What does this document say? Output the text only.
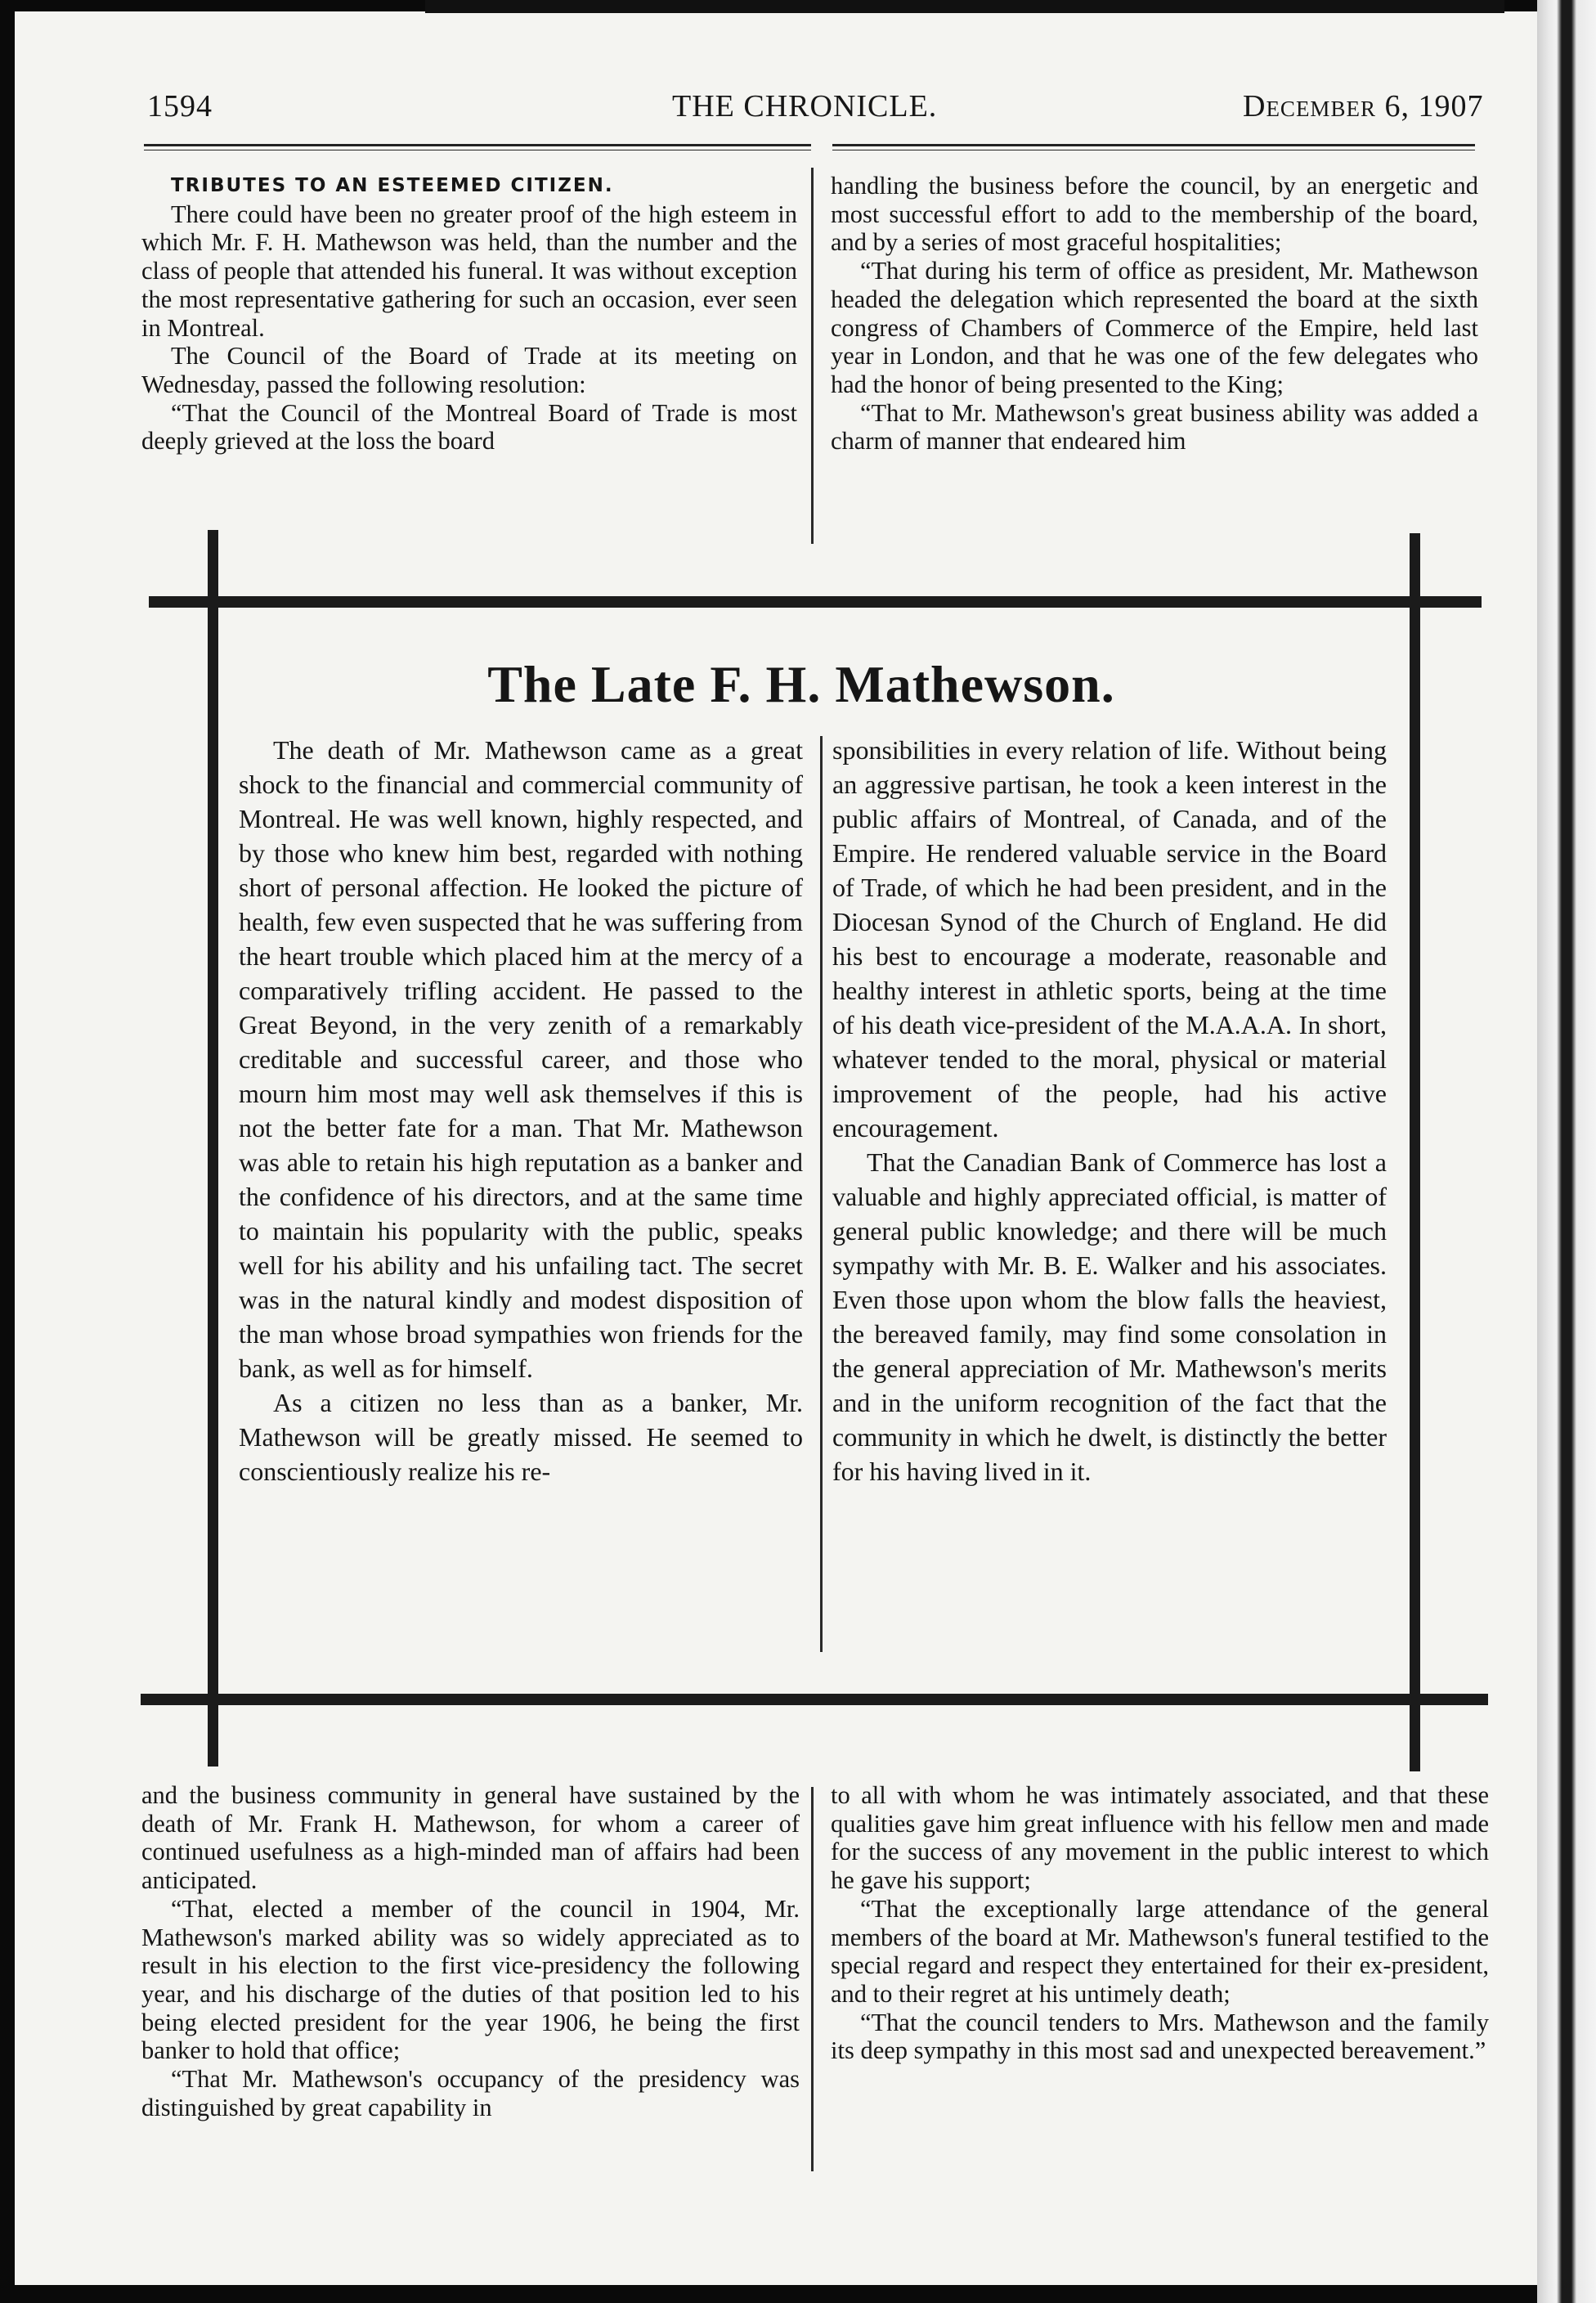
1594	THE CHRONICLE.	December 6, 1907

TRIBUTES TO AN ESTEEMED CITIZEN.

There could have been no greater proof of the high esteem in which Mr. F. H. Mathewson was held, than the number and the class of people that attended his funeral. It was without exception the most representative gathering for such an occasion, ever seen in Montreal.

The Council of the Board of Trade at its meeting on Wednesday, passed the following resolution:

“That the Council of the Montreal Board of Trade is most deeply grieved at the loss the board

handling the business before the council, by an energetic and most successful effort to add to the membership of the board, and by a series of most graceful hospitalities;

“That during his term of office as president, Mr. Mathewson headed the delegation which represented the board at the sixth congress of Chambers of Commerce of the Empire, held last year in London, and that he was one of the few delegates who had the honor of being presented to the King;

“That to Mr. Mathewson's great business ability was added a charm of manner that endeared him

The Late F. H. Mathewson.

The death of Mr. Mathewson came as a great shock to the financial and commercial community of Montreal. He was well known, highly respected, and by those who knew him best, regarded with nothing short of personal affection. He looked the picture of health, few even suspected that he was suffering from the heart trouble which placed him at the mercy of a comparatively trifling accident. He passed to the Great Beyond, in the very zenith of a remarkably creditable and successful career, and those who mourn him most may well ask themselves if this is not the better fate for a man. That Mr. Mathewson was able to retain his high reputation as a banker and the confidence of his directors, and at the same time to maintain his popularity with the public, speaks well for his ability and his unfailing tact. The secret was in the natural kindly and modest disposition of the man whose broad sympathies won friends for the bank, as well as for himself.

As a citizen no less than as a banker, Mr. Mathewson will be greatly missed. He seemed to conscientiously realize his re-

sponsibilities in every relation of life. Without being an aggressive partisan, he took a keen interest in the public affairs of Montreal, of Canada, and of the Empire. He rendered valuable service in the Board of Trade, of which he had been president, and in the Diocesan Synod of the Church of England. He did his best to encourage a moderate, reasonable and healthy interest in athletic sports, being at the time of his death vice-president of the M.A.A.A. In short, whatever tended to the moral, physical or material improvement of the people, had his active encouragement.

That the Canadian Bank of Commerce has lost a valuable and highly appreciated official, is matter of general public knowledge; and there will be much sympathy with Mr. B. E. Walker and his associates. Even those upon whom the blow falls the heaviest, the bereaved family, may find some consolation in the general appreciation of Mr. Mathewson's merits and in the uniform recognition of the fact that the community in which he dwelt, is distinctly the better for his having lived in it.

and the business community in general have sustained by the death of Mr. Frank H. Mathewson, for whom a career of continued usefulness as a high-minded man of affairs had been anticipated.

“That, elected a member of the council in 1904, Mr. Mathewson's marked ability was so widely appreciated as to result in his election to the first vice-presidency the following year, and his discharge of the duties of that position led to his being elected president for the year 1906, he being the first banker to hold that office;

“That Mr. Mathewson's occupancy of the presidency was distinguished by great capability in

to all with whom he was intimately associated, and that these qualities gave him great influence with his fellow men and made for the success of any movement in the public interest to which he gave his support;

“That the exceptionally large attendance of the general members of the board at Mr. Mathewson's funeral testified to the special regard and respect they entertained for their ex-president, and to their regret at his untimely death;

“That the council tenders to Mrs. Mathewson and the family its deep sympathy in this most sad and unexpected bereavement.”
